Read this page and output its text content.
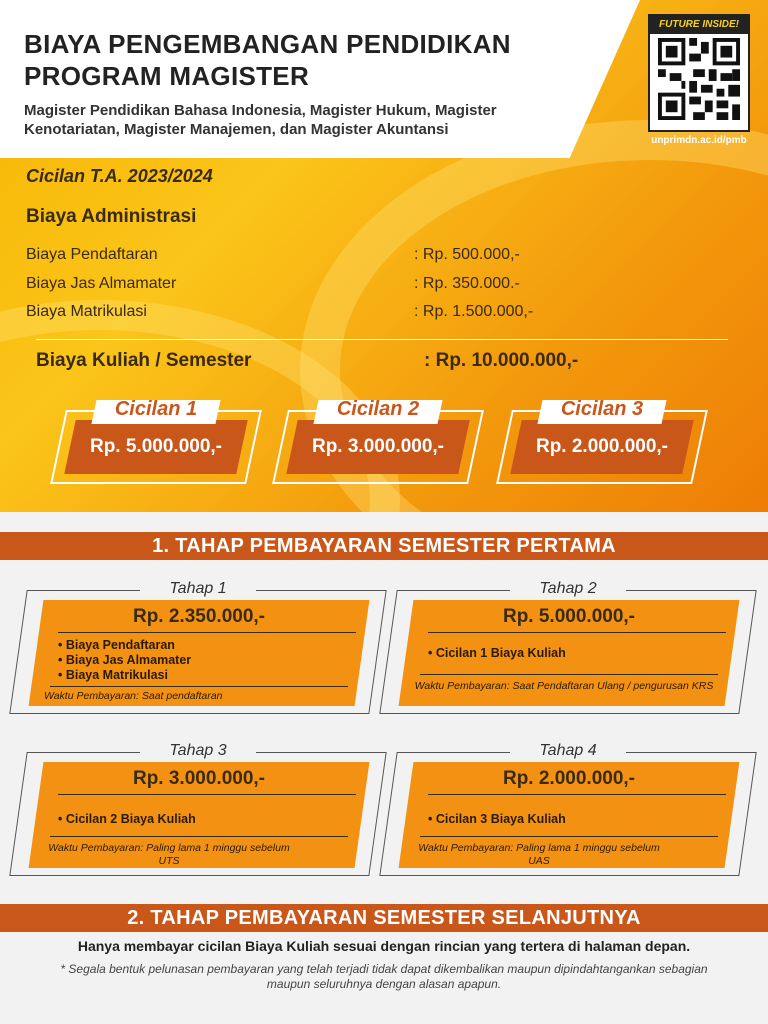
BIAYA PENGEMBANGAN PENDIDIKAN
PROGRAM MAGISTER
Magister Pendidikan Bahasa Indonesia, Magister Hukum, Magister Kenotariatan, Magister Manajemen, dan Magister Akuntansi
FUTURE INSIDE!
unprimdn.ac.id/pmb
Cicilan T.A. 2023/2024
Biaya Administrasi
Biaya Pendaftaran	: Rp. 500.000,-
Biaya Jas Almamater	: Rp. 350.000.-
Biaya Matrikulasi	: Rp. 1.500.000,-
Biaya Kuliah / Semester	: Rp. 10.000.000,-
Cicilan 1
Rp. 5.000.000,-
Cicilan 2
Rp. 3.000.000,-
Cicilan 3
Rp. 2.000.000,-
1. TAHAP PEMBAYARAN SEMESTER PERTAMA
Tahap 1
Rp. 2.350.000,-
• Biaya Pendaftaran
• Biaya Jas Almamater
• Biaya Matrikulasi
Waktu Pembayaran: Saat pendaftaran
Tahap 2
Rp. 5.000.000,-
• Cicilan 1 Biaya Kuliah
Waktu Pembayaran: Saat Pendaftaran Ulang / pengurusan KRS
Tahap 3
Rp. 3.000.000,-
• Cicilan 2 Biaya Kuliah
Waktu Pembayaran: Paling lama 1 minggu sebelum UTS
Tahap 4
Rp. 2.000.000,-
• Cicilan 3 Biaya Kuliah
Waktu Pembayaran: Paling lama 1 minggu sebelum UAS
2. TAHAP PEMBAYARAN SEMESTER SELANJUTNYA
Hanya membayar cicilan Biaya Kuliah sesuai dengan rincian yang tertera di halaman depan.
* Segala bentuk pelunasan pembayaran yang telah terjadi tidak dapat dikembalikan maupun dipindahtangankan sebagian maupun seluruhnya dengan alasan apapun.
